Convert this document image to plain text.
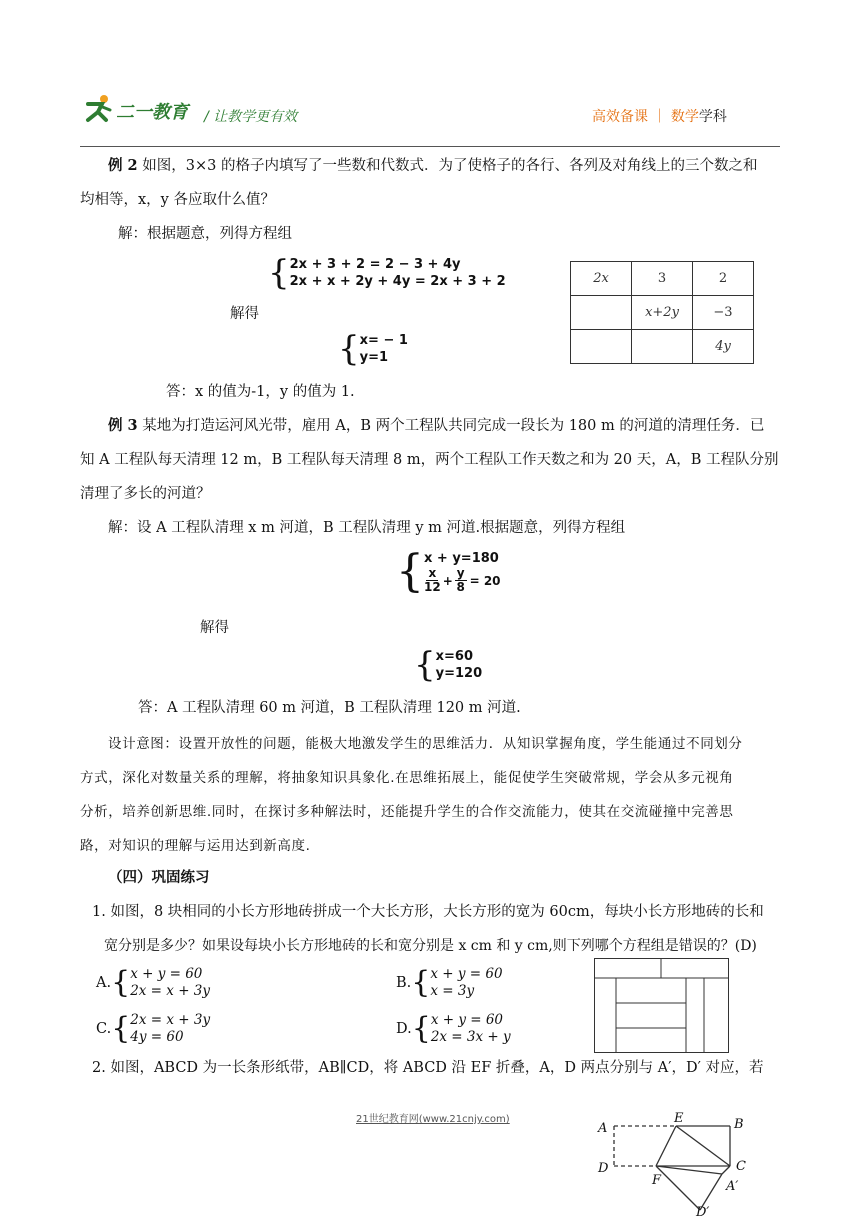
二一教育 / 让教学更有效	高效备课 ｜ 数学学科
例 2 如图，3×3 的格子内填写了一些数和代数式．为了使格子的各行、各列及对角线上的三个数之和
均相等，x，y 各应取什么值？
解：根据题意，列得方程组
{ 2x + 3 + 2 = 2 − 3 + 4y
2x + x + 2y + 4y = 2x + 3 + 2
解得
{ x= − 1
y=1
答：x 的值为-1，y 的值为 1.
2x	3	2
	x+2y	−3
		4y
例 3 某地为打造运河风光带，雇用 A，B 两个工程队共同完成一段长为 180 m 的河道的清理任务．已
知 A 工程队每天清理 12 m，B 工程队每天清理 8 m，两个工程队工作天数之和为 20 天，A，B 工程队分别
清理了多长的河道？
解：设 A 工程队清理 x m 河道，B 工程队清理 y m 河道.根据题意，列得方程组
{ x + y=180
$\frac{x}{12} + \frac{y}{8} = 20$
解得
{ x=60
y=120
答：A 工程队清理 60 m 河道，B 工程队清理 120 m 河道.
设计意图：设置开放性的问题，能极大地激发学生的思维活力．从知识掌握角度，学生能通过不同划分
方式，深化对数量关系的理解，将抽象知识具象化.在思维拓展上，能促使学生突破常规，学会从多元视角
分析，培养创新思维.同时，在探讨多种解法时，还能提升学生的合作交流能力，使其在交流碰撞中完善思
路，对知识的理解与运用达到新高度.
（四）巩固练习
1. 如图，8 块相同的小长方形地砖拼成一个大长方形，大长方形的宽为 60cm，每块小长方形地砖的长和
宽分别是多少？如果设每块小长方形地砖的长和宽分别是 x cm 和 y cm,则下列哪个方程组是错误的？(D)
A. { x + y = 60
2x = x + 3y	B. { x + y = 60
x = 3y
C. { 2x = x + 3y
4y = 60	D. { x + y = 60
2x = 3x + y
2. 如图，ABCD 为一长条形纸带，AB∥CD，将 ABCD 沿 EF 折叠，A，D 两点分别与 A′，D′ 对应，若
21世纪教育网(www.21cnjy.com)
A
E	B
D	C
F	A′
D′
